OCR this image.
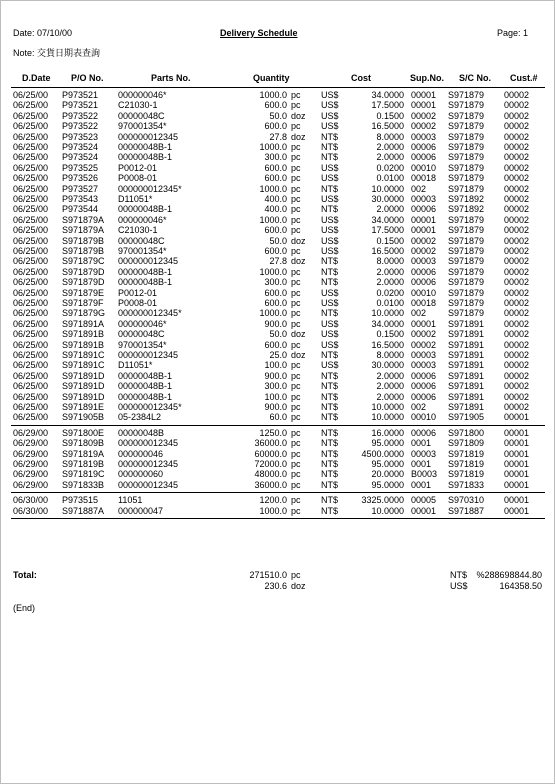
Date: 07/10/00	Delivery Schedule	Page: 1
Note: 交貨日期表查詢
D.Date P/O No.	Parts No.	Quantity	Cost	Sup.No. S/C No. Cust.#
06/25/00 P973521 000000046*	1000.0 pc US$	34.0000 00001 S971879 00002
06/25/00 P973521 C21030-1	600.0 pc US$	17.5000 00001 S971879 00002
06/25/00 P973522 00000048C	50.0 doz US$	0.1500 00002 S971879 00002
06/25/00 P973522 970001354*	600.0 pc US$	16.5000 00002 S971879 00002
06/25/00 P973523 000000012345	27.8 doz NT$	8.0000 00003 S971879 00002
06/25/00 P973524 00000048B-1	1000.0 pc NT$	2.0000 00006 S971879 00002
06/25/00 P973524 00000048B-1	300.0 pc NT$	2.0000 00006 S971879 00002
06/25/00 P973525 P0012-01	600.0 pc US$	0.0200 00010 S971879 00002
06/25/00 P973526 P0008-01	600.0 pc US$	0.0100 00018 S971879 00002
06/25/00 P973527 000000012345*	1000.0 pc NT$	10.0000 002 S971879 00002
06/25/00 P973543 D11051*	400.0 pc US$	30.0000 00003 S971892 00002
06/25/00 P973544 00000048B-1	400.0 pc NT$	2.0000 00006 S971892 00002
06/25/00 S971879A 000000046*	1000.0 pc US$	34.0000 00001 S971879 00002
06/25/00 S971879A C21030-1	600.0 pc US$	17.5000 00001 S971879 00002
06/25/00 S971879B 00000048C	50.0 doz US$	0.1500 00002 S971879 00002
06/25/00 S971879B 970001354*	600.0 pc US$	16.5000 00002 S971879 00002
06/25/00 S971879C 000000012345	27.8 doz NT$	8.0000 00003 S971879 00002
06/25/00 S971879D 00000048B-1	1000.0 pc NT$	2.0000 00006 S971879 00002
06/25/00 S971879D 00000048B-1	300.0 pc NT$	2.0000 00006 S971879 00002
06/25/00 S971879E P0012-01	600.0 pc US$	0.0200 00010 S971879 00002
06/25/00 S971879F P0008-01	600.0 pc US$	0.0100 00018 S971879 00002
06/25/00 S971879G 000000012345*	1000.0 pc NT$	10.0000 002 S971879 00002
06/25/00 S971891A 000000046*	900.0 pc US$	34.0000 00001 S971891 00002
06/25/00 S971891B 00000048C	50.0 doz US$	0.1500 00002 S971891 00002
06/25/00 S971891B 970001354*	600.0 pc US$	16.5000 00002 S971891 00002
06/25/00 S971891C 000000012345	25.0 doz NT$	8.0000 00003 S971891 00002
06/25/00 S971891C D11051*	100.0 pc US$	30.0000 00003 S971891 00002
06/25/00 S971891D 00000048B-1	900.0 pc NT$	2.0000 00006 S971891 00002
06/25/00 S971891D 00000048B-1	300.0 pc NT$	2.0000 00006 S971891 00002
06/25/00 S971891D 00000048B-1	100.0 pc NT$	2.0000 00006 S971891 00002
06/25/00 S971891E 000000012345*	900.0 pc NT$	10.0000 002 S971891 00002
06/25/00 S971905B 05-2384L2	60.0 pc NT$	10.0000 00010 S971905 00001
06/29/00 S971800E 00000048B	1250.0 pc NT$	16.0000 00006 S971800 00001
06/29/00 S971809B 000000012345	36000.0 pc NT$	95.0000 0001 S971809 00001
06/29/00 S971819A 000000046	60000.0 pc NT$	4500.0000 00003 S971819 00001
06/29/00 S971819B 000000012345	72000.0 pc NT$	95.0000 0001 S971819 00001
06/29/00 S971819C 000000060	48000.0 pc NT$	20.0000 B0003 S971819 00001
06/29/00 S971833B 000000012345	36000.0 pc NT$	95.0000 0001 S971833 00001
06/30/00 P973515 11051	1200.0 pc NT$	3325.0000 00005 S970310 00001
06/30/00 S971887A 000000047	1000.0 pc NT$	10.0000 00001 S971887 00001
Total:	271510.0 pc	NT$ %288698844.80
230.6 doz	US$	164358.50
(End)
